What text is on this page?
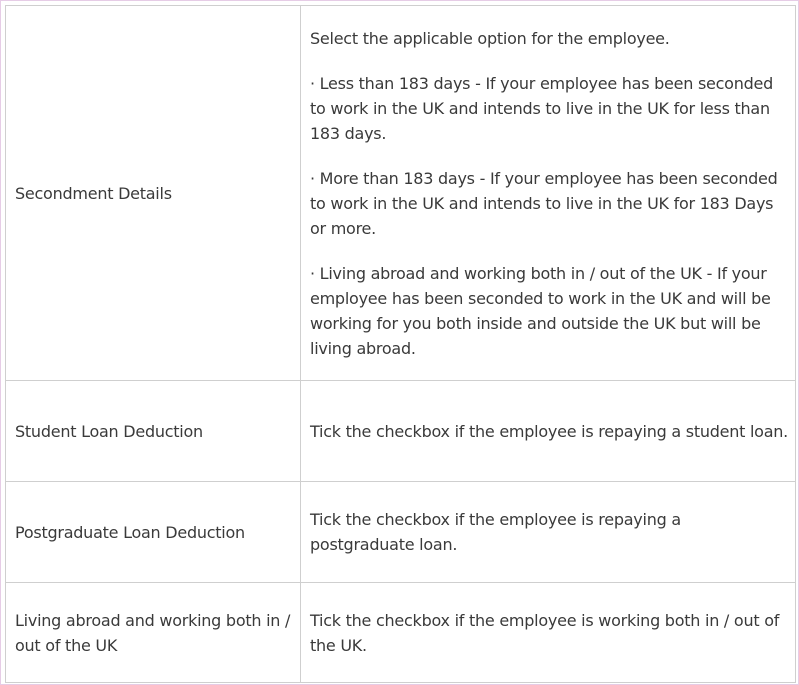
Secondment Details	Select the applicable option for the employee.

· Less than 183 days - If your employee has been seconded to work in the UK and intends to live in the UK for less than 183 days.

· More than 183 days - If your employee has been seconded to work in the UK and intends to live in the UK for 183 Days or more.

· Living abroad and working both in / out of the UK - If your employee has been seconded to work in the UK and will be working for you both inside and outside the UK but will be living abroad.

Student Loan Deduction	Tick the checkbox if the employee is repaying a student loan.

Postgraduate Loan Deduction	Tick the checkbox if the employee is repaying a postgraduate loan.

Living abroad and working both in / out of the UK	Tick the checkbox if the employee is working both in / out of the UK.
